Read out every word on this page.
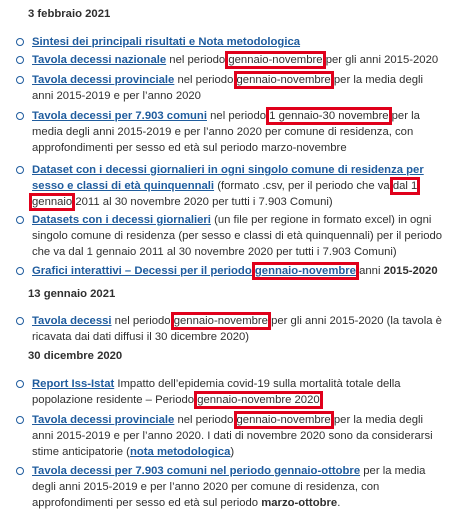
3 febbraio 2021
Sintesi dei principali risultati e Nota metodologica
Tavola decessi nazionale nel periodo gennaio-novembre per gli anni 2015-2020
Tavola decessi provinciale nel periodo gennaio-novembre per la media degli anni 2015-2019 e per l’anno 2020
Tavola decessi per 7.903 comuni nel periodo 1 gennaio-30 novembre per la media degli anni 2015-2019 e per l’anno 2020 per comune di residenza, con approfondimenti per sesso ed età sul periodo marzo-novembre
Dataset con i decessi giornalieri in ogni singolo comune di residenza per sesso e classi di età quinquennali (formato .csv, per il periodo che va dal 1 gennaio 2011 al 30 novembre 2020 per tutti i 7.903 Comuni)
Datasets con i decessi giornalieri (un file per regione in formato excel) in ogni singolo comune di residenza (per sesso e classi di età quinquennali) per il periodo che va dal 1 gennaio 2011 al 30 novembre 2020 per tutti i 7.903 Comuni)
Grafici interattivi – Decessi per il periodo gennaio-novembre anni 2015-2020
13 gennaio 2021
Tavola decessi nel periodo gennaio-novembre per gli anni 2015-2020 (la tavola è ricavata dai dati diffusi il 30 dicembre 2020)
30 dicembre 2020
Report Iss-Istat Impatto dell’epidemia covid-19 sulla mortalità totale della popolazione residente – Periodo gennaio-novembre 2020
Tavola decessi provinciale nel periodo gennaio-novembre per la media degli anni 2015-2019 e per l’anno 2020. I dati di novembre 2020 sono da considerarsi stime anticipatorie (nota metodologica)
Tavola decessi per 7.903 comuni nel periodo gennaio-ottobre per la media degli anni 2015-2019 e per l’anno 2020 per comune di residenza, con approfondimenti per sesso ed età sul periodo marzo-ottobre.
